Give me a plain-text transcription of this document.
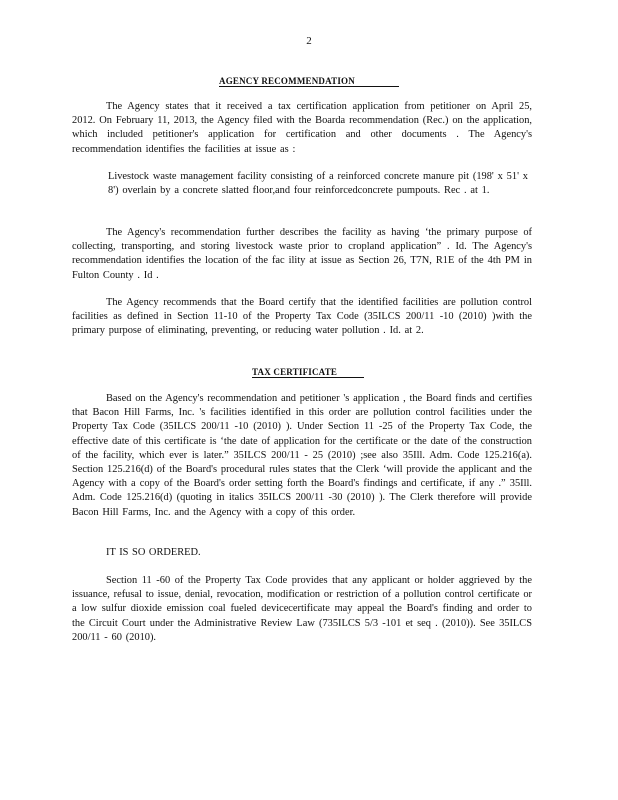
2
AGENCY RECOMMENDATION
The Agency states that it received a tax certification application from petitioner on April 25, 2012. On February 11, 2013, the Agency filed with the Boarda recommendation (Rec.) on the application, which included petitioner's application for certification and other documents . The Agency's recommendation identifies the facilities at issue as :
Livestock waste management facility consisting of a reinforced concrete manure pit (198' x 51' x 8') overlain by a concrete slatted floor,and four reinforcedconcrete pumpouts. Rec . at 1.
The Agency's recommendation further describes the facility as having ‘the primary purpose of collecting, transporting, and storing livestock waste prior to cropland application” . Id. The Agency's recommendation identifies the location of the fac ility at issue as Section 26, T7N, R1E of the 4th PM in Fulton County . Id .
The Agency recommends that the Board certify that the identified facilities are pollution control facilities as defined in Section 11-10 of the Property Tax Code (35ILCS 200/11 -10 (2010) )with the primary purpose of eliminating, preventing, or reducing water pollution . Id. at 2.
TAX CERTIFICATE
Based on the Agency's recommendation and petitioner 's application , the Board finds and certifies that Bacon Hill Farms, Inc. 's facilities identified in this order are pollution control facilities under the Property Tax Code (35ILCS 200/11 -10 (2010) ). Under Section 11 -25 of the Property Tax Code, the effective date of this certificate is ‘the date of application for the certificate or the date of the construction of the facility, which ever is later.” 35ILCS 200/11 - 25 (2010) ;see also 35Ill. Adm. Code 125.216(a). Section 125.216(d) of the Board's procedural rules states that the Clerk ‘will provide the applicant and the Agency with a copy of the Board's order setting forth the Board's findings and certificate, if any .” 35Ill. Adm. Code 125.216(d) (quoting in italics 35ILCS 200/11 -30 (2010) ). The Clerk therefore will provide Bacon Hill Farms, Inc. and the Agency with a copy of this order.
IT IS SO ORDERED.
Section 11 -60 of the Property Tax Code provides that any applicant or holder aggrieved by the issuance, refusal to issue, denial, revocation, modification or restriction of a pollution control certificate or a low sulfur dioxide emission coal fueled devicecertificate may appeal the Board's finding and order to the Circuit Court under the Administrative Review Law (735ILCS 5/3 -101 et seq . (2010)). See 35ILCS 200/11 - 60 (2010).
